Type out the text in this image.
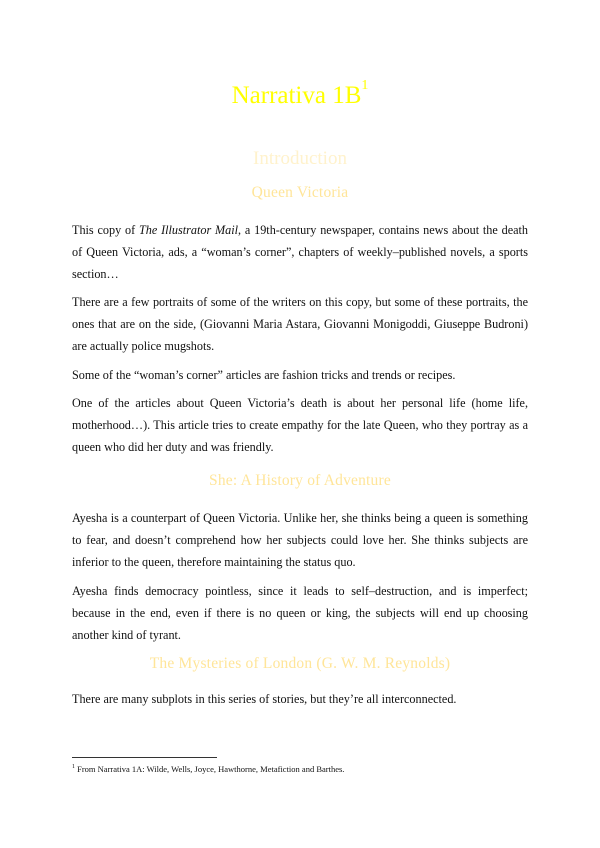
Narrativa $1B^1$
Introduction
Queen Victoria
This copy of The Illustrator Mail, a 19th-century newspaper, contains news about the death of Queen Victoria, ads, a “woman’s corner”, chapters of weekly–published novels, a sports section…
There are a few portraits of some of the writers on this copy, but some of these portraits, the ones that are on the side, (Giovanni Maria Astara, Giovanni Monigoddi, Giuseppe Budroni) are actually police mugshots.
Some of the “woman’s corner” articles are fashion tricks and trends or recipes.
One of the articles about Queen Victoria’s death is about her personal life (home life, motherhood…). This article tries to create empathy for the late Queen, who they portray as a queen who did her duty and was friendly.
She: A History of Adventure
Ayesha is a counterpart of Queen Victoria. Unlike her, she thinks being a queen is something to fear, and doesn’t comprehend how her subjects could love her. She thinks subjects are inferior to the queen, therefore maintaining the status quo.
Ayesha finds democracy pointless, since it leads to self–destruction, and is imperfect; because in the end, even if there is no queen or king, the subjects will end up choosing another kind of tyrant.
The Mysteries of London (G. W. M. Reynolds)
There are many subplots in this series of stories, but they’re all interconnected.
$^1$ From Narrativa 1A: Wilde, Wells, Joyce, Hawthorne, Metafiction and Barthes.
